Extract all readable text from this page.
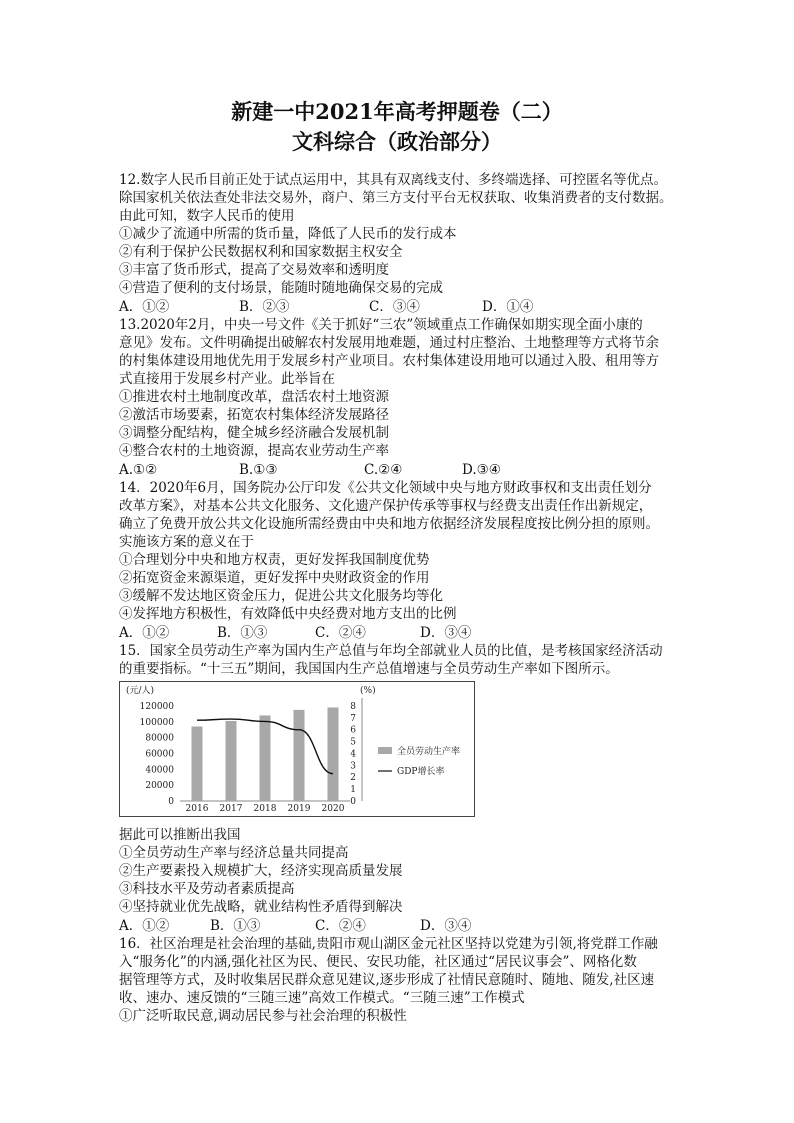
新建一中2021年高考押题卷（二）
文科综合（政治部分）
12.数字人民币目前正处于试点运用中，其具有双离线支付、多终端选择、可控匿名等优点。
除国家机关依法查处非法交易外，商户、第三方支付平台无权获取、收集消费者的支付数据。
由此可知，数字人民币的使用
①减少了流通中所需的货币量，降低了人民币的发行成本
②有利于保护公民数据权利和国家数据主权安全
③丰富了货币形式，提高了交易效率和透明度
④营造了便利的支付场景，能随时随地确保交易的完成
A．①②	B．②③	C．③④	D．①④
13.2020年2月，中央一号文件《关于抓好“三农”领域重点工作确保如期实现全面小康的
意见》发布。文件明确提出破解农村发展用地难题，通过村庄整治、土地整理等方式将节余
的村集体建设用地优先用于发展乡村产业项目。农村集体建设用地可以通过入股、租用等方
式直接用于发展乡村产业。此举旨在
①推进农村土地制度改革，盘活农村土地资源
②激活市场要素，拓宽农村集体经济发展路径
③调整分配结构，健全城乡经济融合发展机制
④整合农村的土地资源，提高农业劳动生产率
A.①②	B.①③	C.②④	D.③④
14．2020年6月，国务院办公厅印发《公共文化领域中央与地方财政事权和支出责任划分
改革方案》，对基本公共文化服务、文化遗产保护传承等事权与经费支出责任作出新规定，
确立了免费开放公共文化设施所需经费由中央和地方依据经济发展程度按比例分担的原则。
实施该方案的意义在于
①合理划分中央和地方权责，更好发挥我国制度优势
②拓宽资金来源渠道，更好发挥中央财政资金的作用
③缓解不发达地区资金压力，促进公共文化服务均等化
④发挥地方积极性，有效降低中央经费对地方支出的比例
A．①②	B．①③	C．②④	D．③④
15．国家全员劳动生产率为国内生产总值与年均全部就业人员的比值，是考核国家经济活动
的重要指标。“十三五”期间，我国国内生产总值增速与全员劳动生产率如下图所示。
(元/人)	(%)
0
20000
40000
60000
80000
100000
120000
0
1
2
3
4
5
6
7
8
2016 2017 2018 2019 2020
全员劳动生产率
GDP增长率
据此可以推断出我国
①全员劳动生产率与经济总量共同提高
②生产要素投入规模扩大，经济实现高质量发展
③科技水平及劳动者素质提高
④坚持就业优先战略，就业结构性矛盾得到解决
A．①②	B．①③	C．②④	D．③④
16．社区治理是社会治理的基础,贵阳市观山湖区金元社区坚持以党建为引领,将党群工作融
入“服务化”的内涵,强化社区为民、便民、安民功能，社区通过“居民议事会”、网格化数
据管理等方式，及时收集居民群众意见建议,逐步形成了社情民意随时、随地、随发,社区速
收、速办、速反馈的“三随三速”高效工作模式。“三随三速”工作模式
①广泛听取民意,调动居民参与社会治理的积极性
